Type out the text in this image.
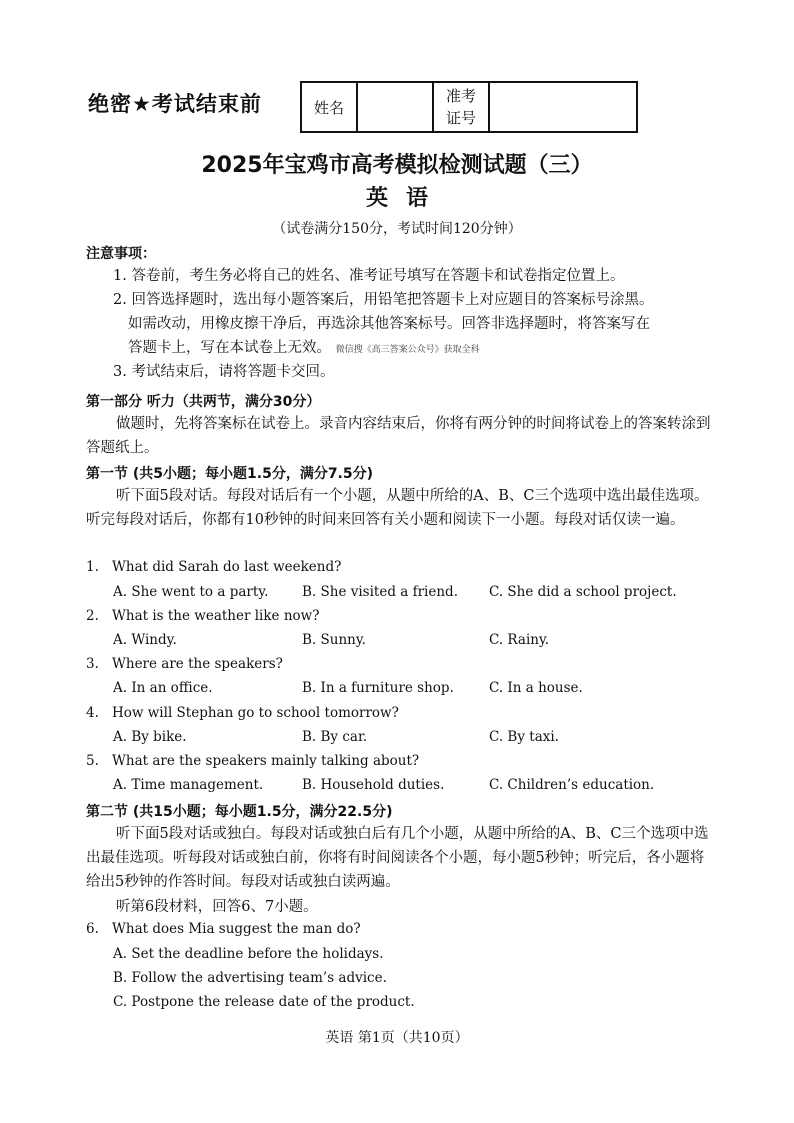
绝密★考试结束前	姓名		
准考
证号

2025年宝鸡市高考模拟检测试题（三）
英语
（试卷满分150分，考试时间120分钟）
注意事项：
1. 答卷前，考生务必将自己的姓名、准考证号填写在答题卡和试卷指定位置上。
2. 回答选择题时，选出每小题答案后，用铅笔把答题卡上对应题目的答案标号涂黑。
如需改动，用橡皮擦干净后，再选涂其他答案标号。回答非选择题时，将答案写在
答题卡上，写在本试卷上无效。 微信搜《高三答案公众号》获取全科
3. 考试结束后，请将答题卡交回。
第一部分 听力（共两节，满分30分）
做题时，先将答案标在试卷上。录音内容结束后，你将有两分钟的时间将试卷上的答案转涂到答题纸上。
第一节 (共5小题；每小题1.5分，满分7.5分)
听下面5段对话。每段对话后有一个小题，从题中所给的A、B、C三个选项中选出最佳选项。听完每段对话后，你都有10秒钟的时间来回答有关小题和阅读下一小题。每段对话仅读一遍。
1. What did Sarah do last weekend?
A. She went to a party. B. She visited a friend. C. She did a school project.
2. What is the weather like now?
A. Windy.	B. Sunny.	C. Rainy.
3. Where are the speakers?
A. In an office.	B. In a furniture shop.	C. In a house.
4. How will Stephan go to school tomorrow?
A. By bike.	B. By car.	C. By taxi.
5. What are the speakers mainly talking about?
A. Time management.	B. Household duties.	C. Children’s education.
第二节 (共15小题；每小题1.5分，满分22.5分)
听下面5段对话或独白。每段对话或独白后有几个小题，从题中所给的A、B、C三个选项中选出最佳选项。听每段对话或独白前，你将有时间阅读各个小题，每小题5秒钟；听完后，各小题将给出5秒钟的作答时间。每段对话或独白读两遍。
听第6段材料，回答6、7小题。
6. What does Mia suggest the man do?
A. Set the deadline before the holidays.
B. Follow the advertising team’s advice.
C. Postpone the release date of the product.
英语 第1页（共10页）
